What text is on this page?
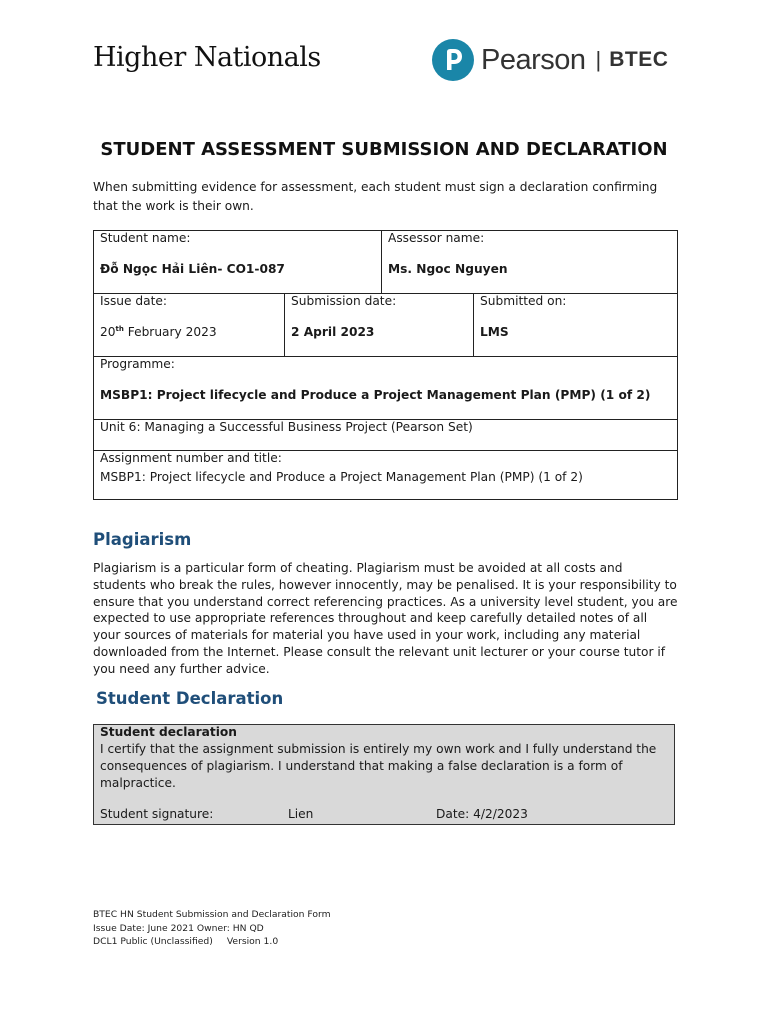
Higher Nationals	Pearson | BTEC
STUDENT ASSESSMENT SUBMISSION AND DECLARATION
When submitting evidence for assessment, each student must sign a declaration confirming that the work is their own.
Student name:
Đỗ Ngọc Hải Liên- CO1-087
Assessor name:
Ms. Ngoc Nguyen
Issue date:
20th February 2023
Submission date:
2 April 2023
Submitted on:
LMS
Programme:
MSBP1: Project lifecycle and Produce a Project Management Plan (PMP) (1 of 2)
Unit 6: Managing a Successful Business Project (Pearson Set)
Assignment number and title:
MSBP1: Project lifecycle and Produce a Project Management Plan (PMP) (1 of 2)
Plagiarism
Plagiarism is a particular form of cheating. Plagiarism must be avoided at all costs and students who break the rules, however innocently, may be penalised. It is your responsibility to ensure that you understand correct referencing practices. As a university level student, you are expected to use appropriate references throughout and keep carefully detailed notes of all your sources of materials for material you have used in your work, including any material downloaded from the Internet. Please consult the relevant unit lecturer or your course tutor if you need any further advice.
Student Declaration
Student declaration
I certify that the assignment submission is entirely my own work and I fully understand the consequences of plagiarism. I understand that making a false declaration is a form of malpractice.
Student signature:	Lien	Date: 4/2/2023
BTEC HN Student Submission and Declaration Form
Issue Date: June 2021 Owner: HN QD
DCL1 Public (Unclassified) Version 1.0
